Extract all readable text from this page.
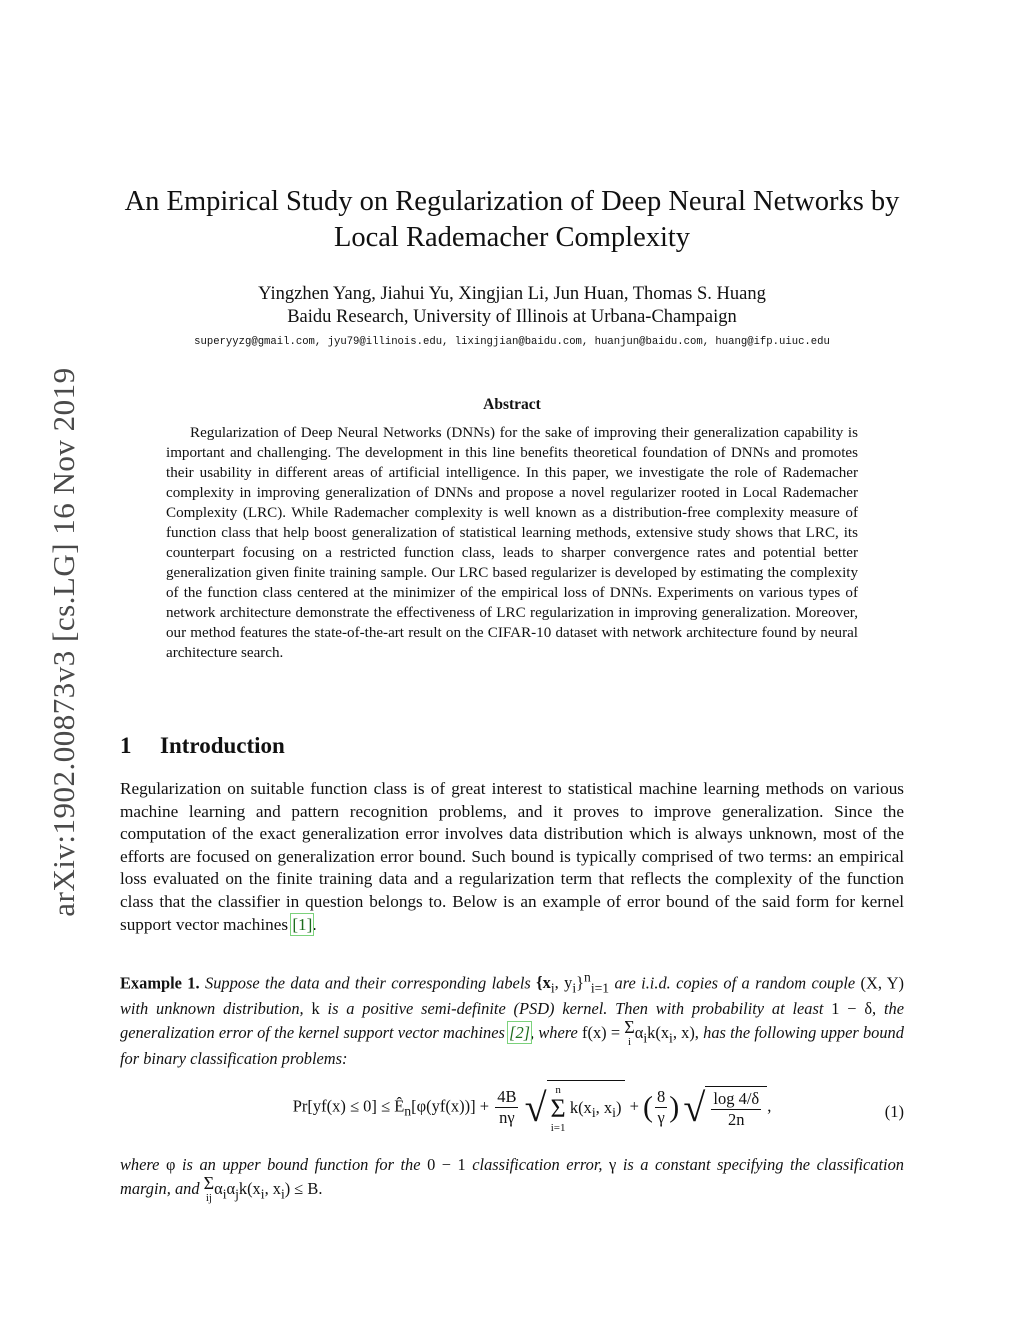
arXiv:1902.00873v3 [cs.LG] 16 Nov 2019
An Empirical Study on Regularization of Deep Neural Networks by
Local Rademacher Complexity
Yingzhen Yang, Jiahui Yu, Xingjian Li, Jun Huan, Thomas S. Huang
Baidu Research, University of Illinois at Urbana-Champaign
superyyzg@gmail.com, jyu79@illinois.edu, lixingjian@baidu.com, huanjun@baidu.com, huang@ifp.uiuc.edu
Abstract
Regularization of Deep Neural Networks (DNNs) for the sake of improving their generalization capability is important and challenging. The development in this line benefits theoretical foundation of DNNs and promotes their usability in different areas of artificial intelligence. In this paper, we investigate the role of Rademacher complexity in improving generalization of DNNs and propose a novel regularizer rooted in Local Rademacher Complexity (LRC). While Rademacher complexity is well known as a distribution-free complexity measure of function class that help boost generalization of statistical learning methods, extensive study shows that LRC, its counterpart focusing on a restricted function class, leads to sharper convergence rates and potential better generalization given finite training sample. Our LRC based regularizer is developed by estimating the complexity of the function class centered at the minimizer of the empirical loss of DNNs. Experiments on various types of network architecture demonstrate the effectiveness of LRC regularization in improving generalization. Moreover, our method features the state-of-the-art result on the CIFAR-10 dataset with network architecture found by neural architecture search.
1 Introduction
Regularization on suitable function class is of great interest to statistical machine learning methods on various machine learning and pattern recognition problems, and it proves to improve generalization. Since the computation of the exact generalization error involves data distribution which is always unknown, most of the efforts are focused on generalization error bound. Such bound is typically comprised of two terms: an empirical loss evaluated on the finite training data and a regularization term that reflects the complexity of the function class that the classifier in question belongs to. Below is an example of error bound of the said form for kernel support vector machines [1].
Example 1. Suppose the data and their corresponding labels {$x_i$, $y_i\}^n_{i=1}$ are i.i.d. copies of a random couple (X, Y) with unknown distribution, k is a positive semi-definite (PSD) kernel. Then with probability at least 1 − δ, the generalization error of the kernel support vector machines [2], where f(x) = Σ
i
$\alpha_ik(x_i$, x), has the following upper bound for binary classification problems:
$Pr[yf(x) \le 0] \le Ê_n[\varphi(yf(x))] + \frac{4B}{n\gamma}$ √ n
Σ
i=1
$k(x_i$, $x_i$) + ( $\frac{8}{\gamma}$ ) √ $\frac{\log 4/\delta}{2n}$ ,	(1)
where φ is an upper bound function for the 0 − 1 classification error, γ is a constant specifying the classification margin, and Σ
ij
$\alpha_i\alpha_jk(x_i$, $x_i) \le B$.
